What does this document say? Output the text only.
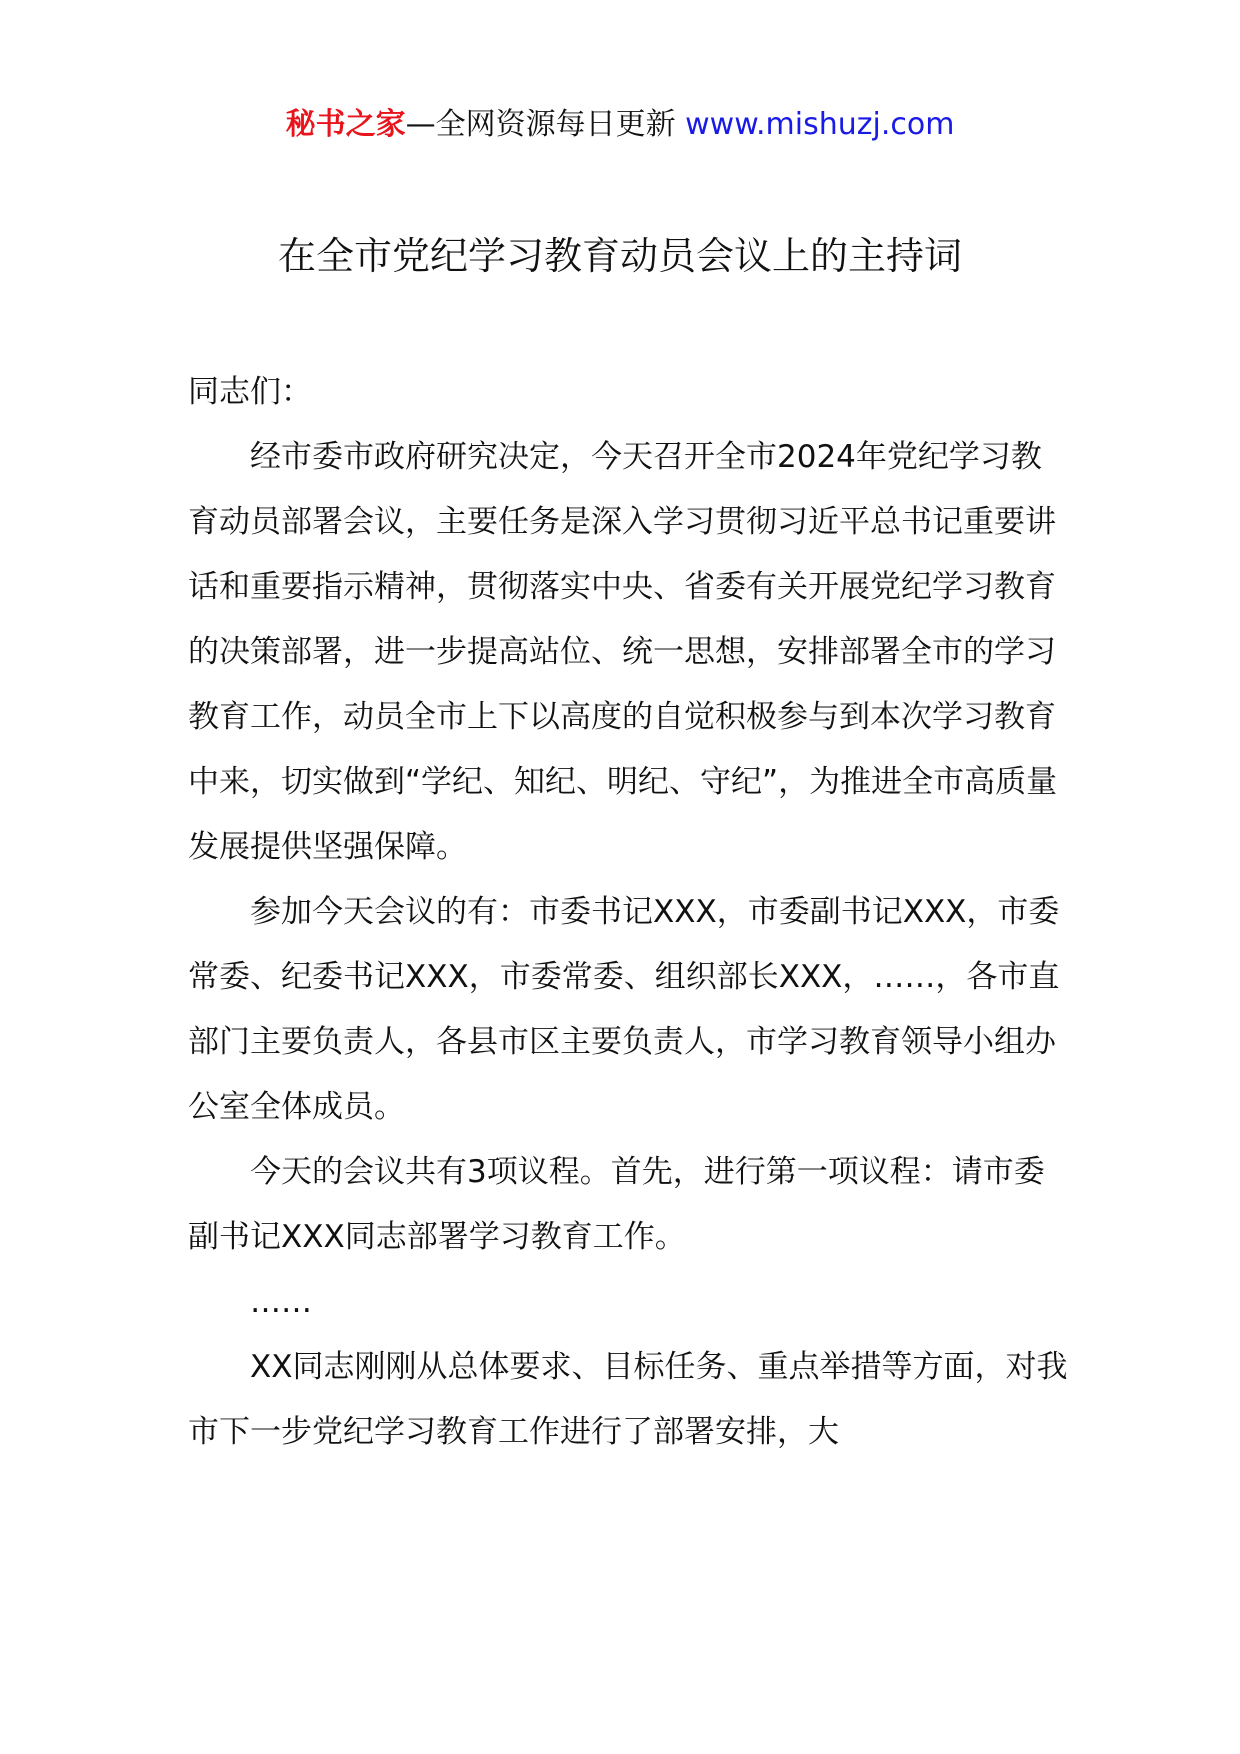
秘书之家—全网资源每日更新 www.mishuzj.com
在全市党纪学习教育动员会议上的主持词

同志们：

经市委市政府研究决定，今天召开全市2024年党纪学习教育动员部署会议，主要任务是深入学习贯彻习近平总书记重要讲话和重要指示精神，贯彻落实中央、省委有关开展党纪学习教育的决策部署，进一步提高站位、统一思想，安排部署全市的学习教育工作，动员全市上下以高度的自觉积极参与到本次学习教育中来，切实做到“学纪、知纪、明纪、守纪”，为推进全市高质量发展提供坚强保障。

参加今天会议的有：市委书记XXX，市委副书记XXX，市委常委、纪委书记XXX，市委常委、组织部长XXX，……，各市直部门主要负责人，各县市区主要负责人，市学习教育领导小组办公室全体成员。

今天的会议共有3项议程。首先，进行第一项议程：请市委副书记XXX同志部署学习教育工作。

……

XX同志刚刚从总体要求、目标任务、重点举措等方面，对我市下一步党纪学习教育工作进行了部署安排，大
